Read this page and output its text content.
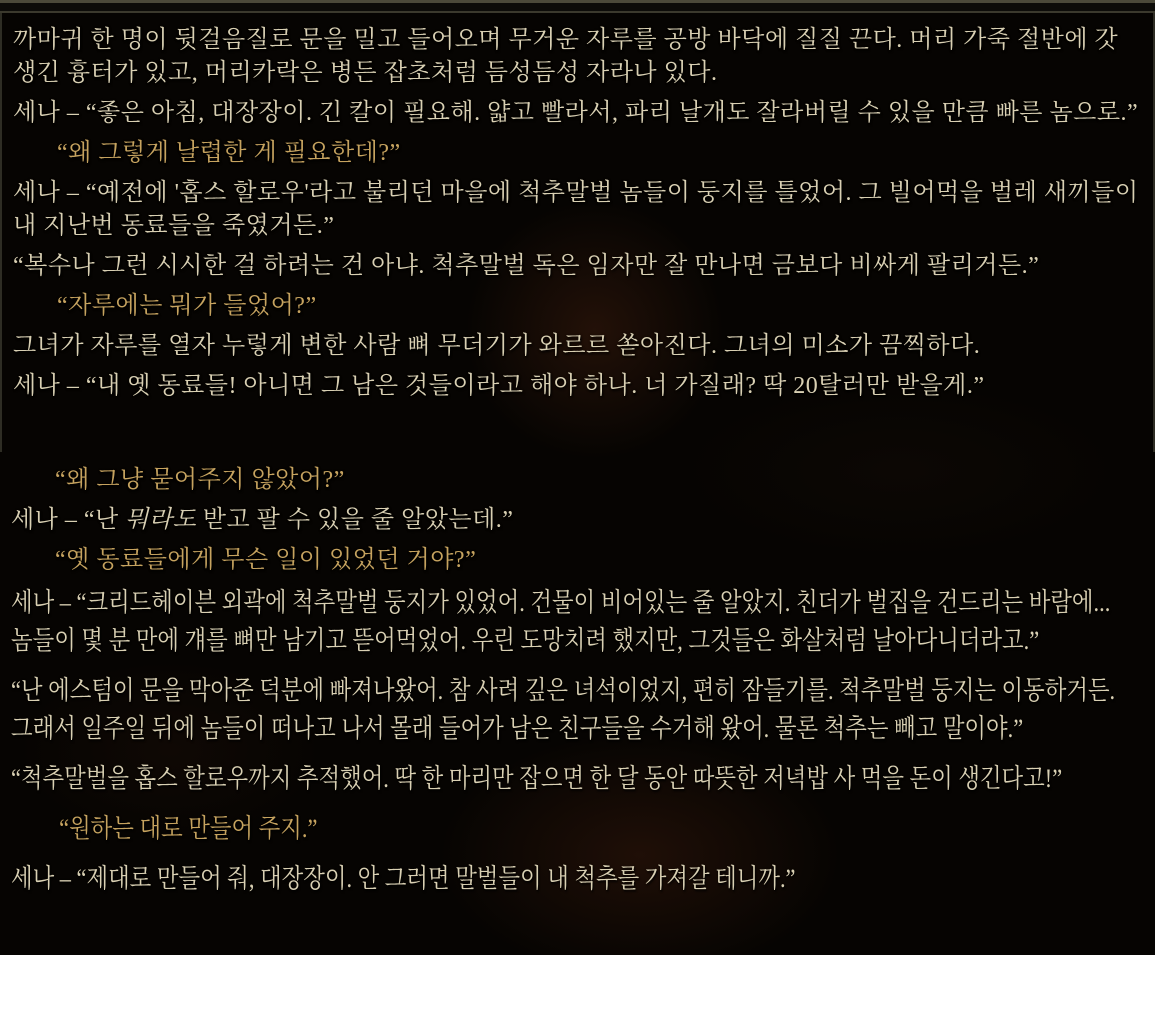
까마귀 한 명이 뒷걸음질로 문을 밀고 들어오며 무거운 자루를 공방 바닥에 질질 끈다. 머리 가죽 절반에 갓 생긴 흉터가 있고, 머리카락은 병든 잡초처럼 듬성듬성 자라나 있다.
세나 – “좋은 아침, 대장장이. 긴 칼이 필요해. 얇고 빨라서, 파리 날개도 잘라버릴 수 있을 만큼 빠른 놈으로.”
“왜 그렇게 날렵한 게 필요한데?”
세나 – “예전에 '홉스 할로우'라고 불리던 마을에 척추말벌 놈들이 둥지를 틀었어. 그 빌어먹을 벌레 새끼들이 내 지난번 동료들을 죽였거든.”
“복수나 그런 시시한 걸 하려는 건 아냐. 척추말벌 독은 임자만 잘 만나면 금보다 비싸게 팔리거든.”
“자루에는 뭐가 들었어?”
그녀가 자루를 열자 누렇게 변한 사람 뼈 무더기가 와르르 쏟아진다. 그녀의 미소가 끔찍하다.
세나 – “내 옛 동료들! 아니면 그 남은 것들이라고 해야 하나. 너 가질래? 딱 20탈러만 받을게.”
“왜 그냥 묻어주지 않았어?”
세나 – “난 뭐라도 받고 팔 수 있을 줄 알았는데.”
“옛 동료들에게 무슨 일이 있었던 거야?”
세나 – “크리드헤이븐 외곽에 척추말벌 둥지가 있었어. 건물이 비어있는 줄 알았지. 친더가 벌집을 건드리는 바람에... 놈들이 몇 분 만에 걔를 뼈만 남기고 뜯어먹었어. 우린 도망치려 했지만, 그것들은 화살처럼 날아다니더라고.”
“난 에스텀이 문을 막아준 덕분에 빠져나왔어. 참 사려 깊은 녀석이었지, 편히 잠들기를. 척추말벌 둥지는 이동하거든. 그래서 일주일 뒤에 놈들이 떠나고 나서 몰래 들어가 남은 친구들을 수거해 왔어. 물론 척추는 빼고 말이야.”
“척추말벌을 홉스 할로우까지 추적했어. 딱 한 마리만 잡으면 한 달 동안 따뜻한 저녁밥 사 먹을 돈이 생긴다고!”
“원하는 대로 만들어 주지.”
세나 – “제대로 만들어 줘, 대장장이. 안 그러면 말벌들이 내 척추를 가져갈 테니까.”
